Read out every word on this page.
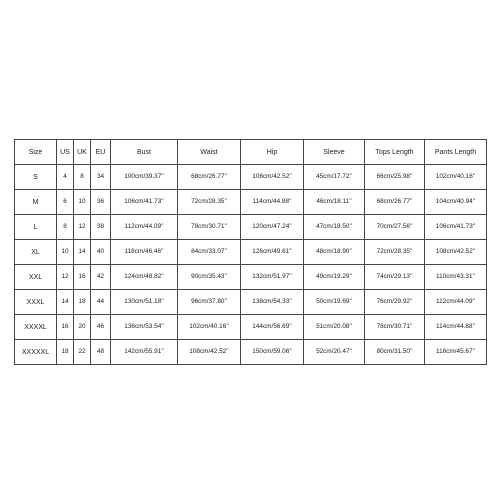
Size	US	UK	EU	Bust	Waist	Hip	Sleeve	Tops Length	Pants Length
S	4	8	34	100cm/39.37''	68cm/26.77''	108cm/42.52''	45cm/17.72''	66cm/25.98''	102cm/40.16''
M	6	10	36	106cm/41.73''	72cm/28.35''	114cm/44.88''	46cm/18.11''	68cm/26.77''	104cm/40.94''
L	8	12	38	112cm/44.09''	78cm/30.71''	120cm/47.24''	47cm/18.50''	70cm/27.56''	106cm/41.73''
XL	10	14	40	118cm/46.46''	84cm/33.07''	126cm/49.61''	48cm/18.90''	72cm/28.35''	108cm/42.52''
XXL	12	16	42	124cm/48.82''	90cm/35.43''	132cm/51.97''	49cm/19.29''	74cm/29.13''	110cm/43.31''
XXXL	14	18	44	130cm/51.18''	96cm/37.80''	138cm/54.33''	50cm/19.69''	76cm/29.92''	112cm/44.09''
XXXXL	16	20	46	136cm/53.54''	102cm/40.16''	144cm/56.69''	51cm/20.08''	78cm/30.71''	114cm/44.88''
XXXXXL	18	22	48	142cm/55.91''	108cm/42.52''	150cm/59.06''	52cm/20.47''	80cm/31.50''	116cm/45.67''
